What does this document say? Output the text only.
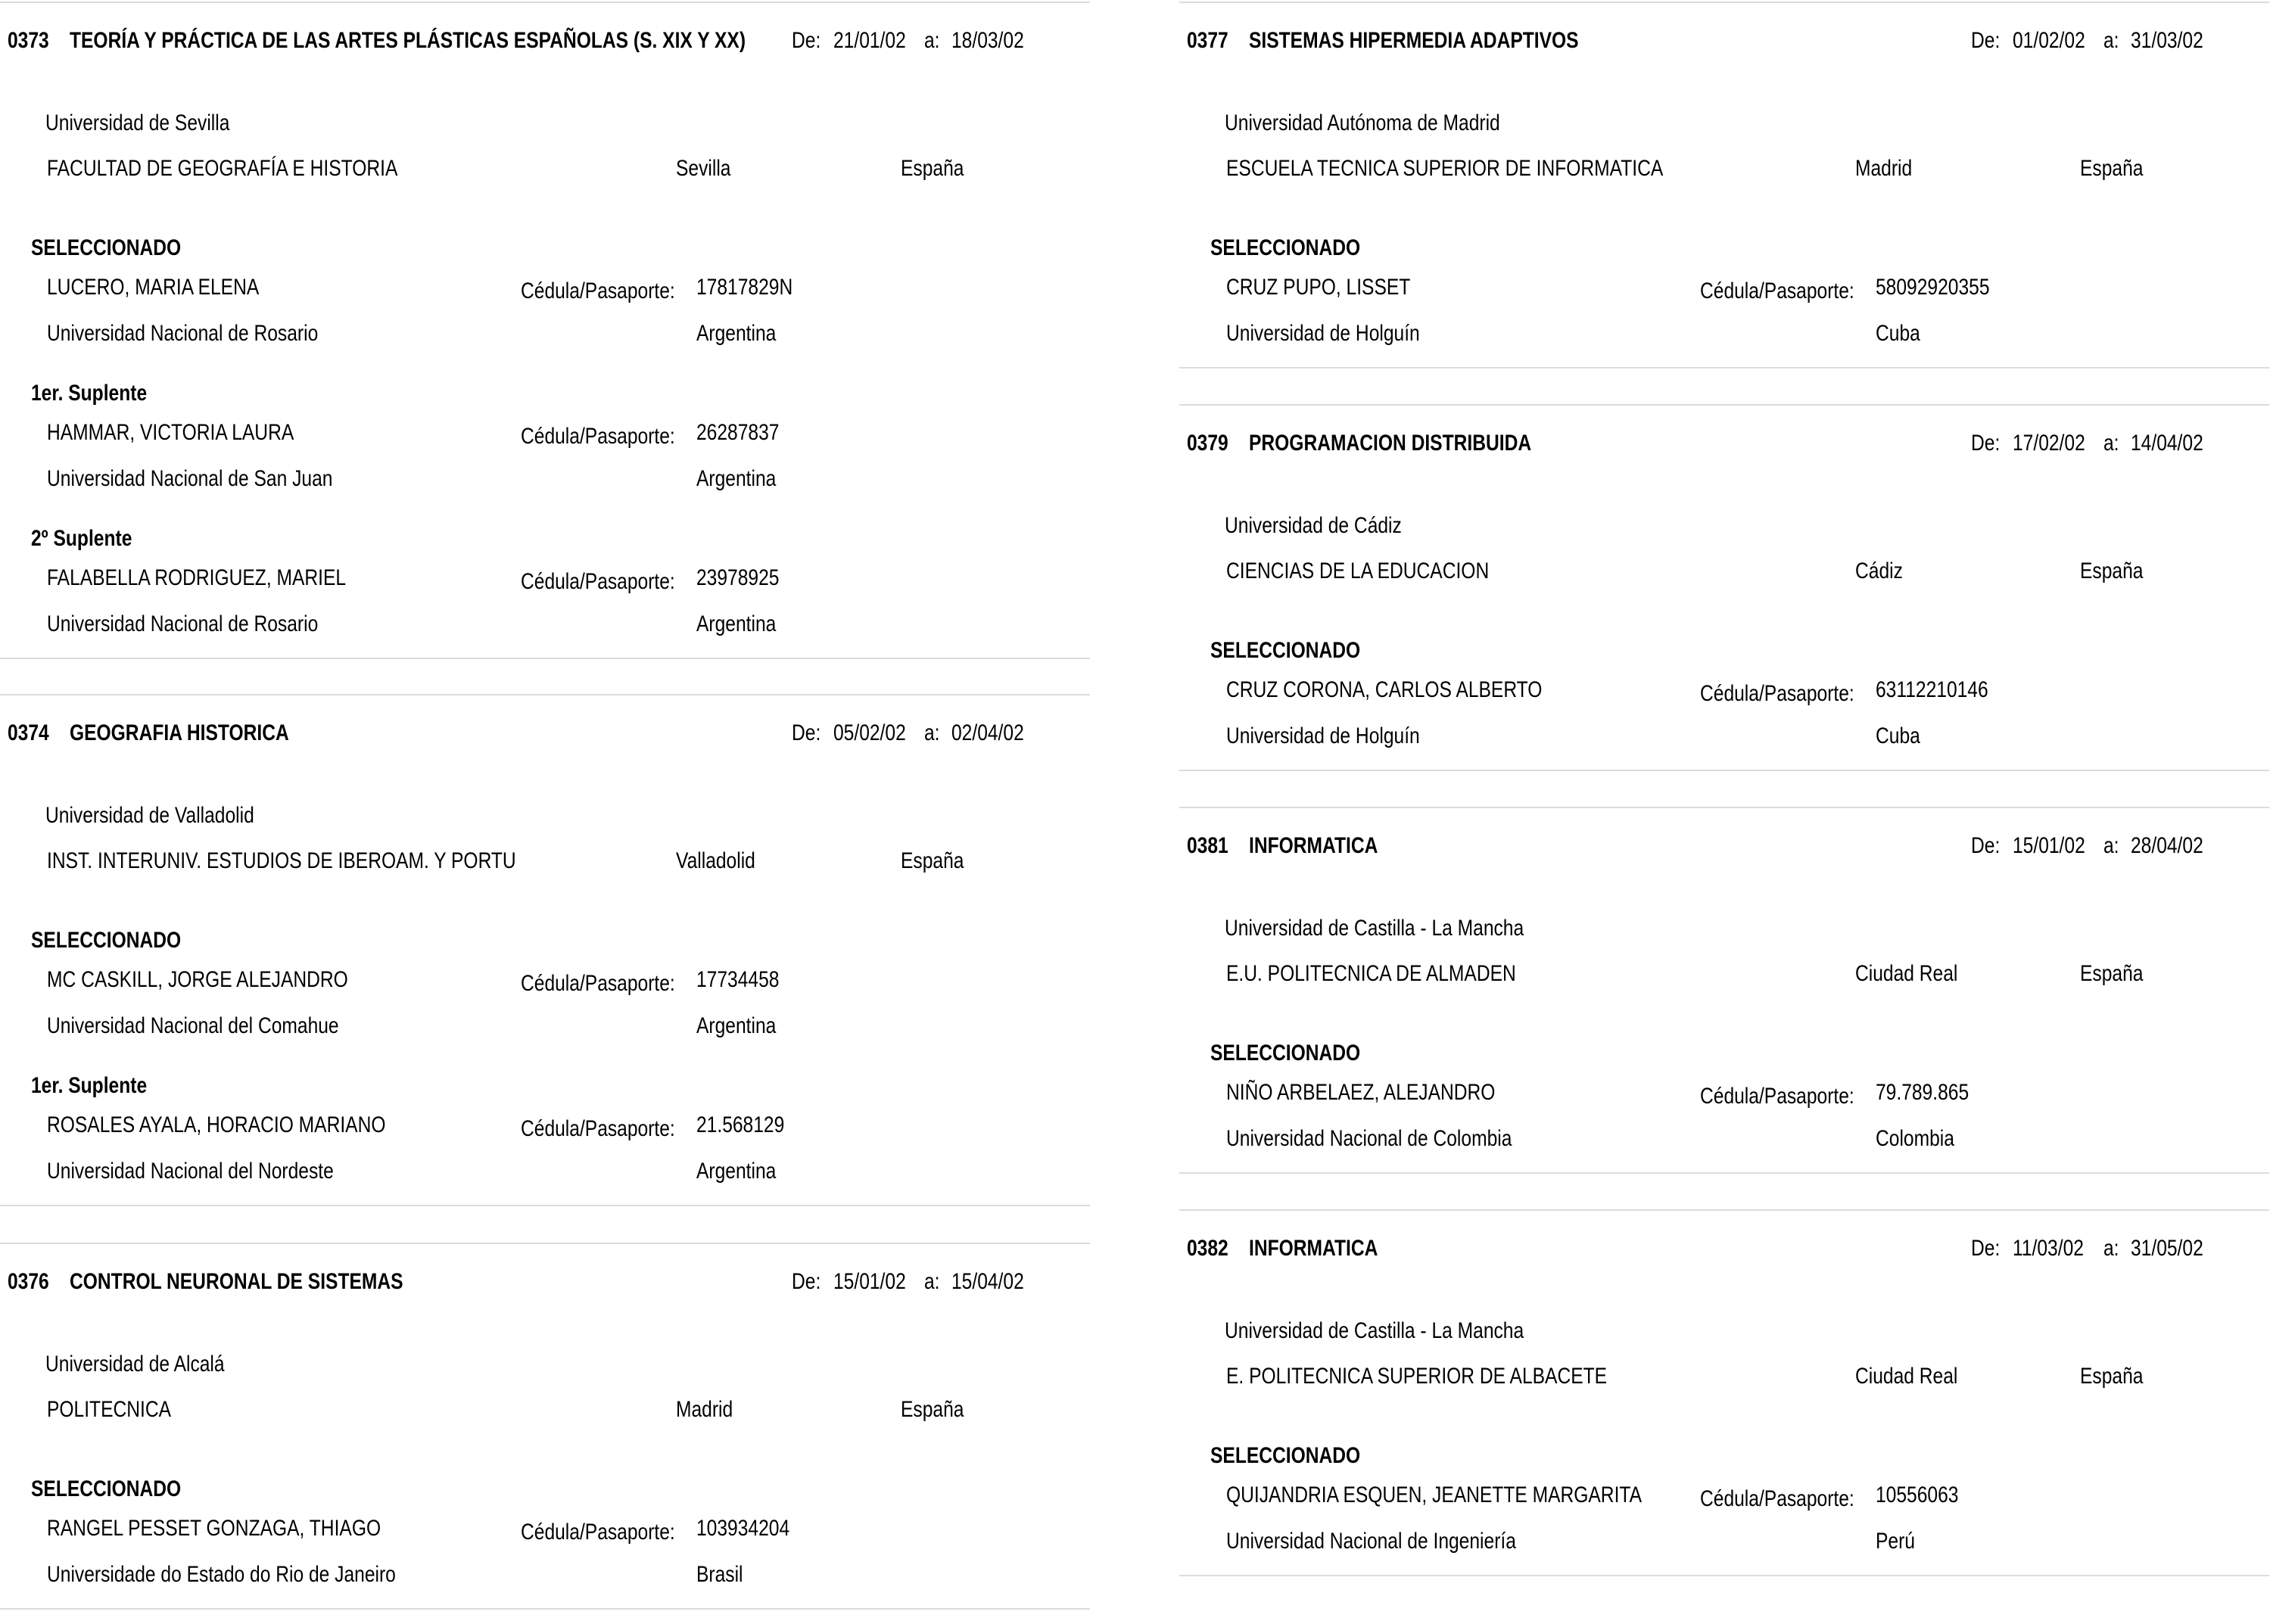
0373 TEORÍA Y PRÁCTICA DE LAS ARTES PLÁSTICAS ESPAÑOLAS (S. XIX Y XX) De: 21/01/02 a: 18/03/02
Universidad de Sevilla
FACULTAD DE GEOGRAFÍA E HISTORIA	Sevilla	España
SELECCIONADO
LUCERO, MARIA ELENA	Cédula/Pasaporte: 17817829N
Universidad Nacional de Rosario	Argentina
1er. Suplente
HAMMAR, VICTORIA LAURA	Cédula/Pasaporte: 26287837
Universidad Nacional de San Juan	Argentina
2º Suplente
FALABELLA RODRIGUEZ, MARIEL	Cédula/Pasaporte: 23978925
Universidad Nacional de Rosario	Argentina
0374 GEOGRAFIA HISTORICA	De: 05/02/02 a: 02/04/02
Universidad de Valladolid
INST. INTERUNIV. ESTUDIOS DE IBEROAM. Y PORTU	Valladolid	España
SELECCIONADO
MC CASKILL, JORGE ALEJANDRO	Cédula/Pasaporte: 17734458
Universidad Nacional del Comahue	Argentina
1er. Suplente
ROSALES AYALA, HORACIO MARIANO	Cédula/Pasaporte: 21.568129
Universidad Nacional del Nordeste	Argentina
0376 CONTROL NEURONAL DE SISTEMAS	De: 15/01/02 a: 15/04/02
Universidad de Alcalá
POLITECNICA	Madrid	España
SELECCIONADO
RANGEL PESSET GONZAGA, THIAGO	Cédula/Pasaporte: 103934204
Universidade do Estado do Rio de Janeiro	Brasil
0377 SISTEMAS HIPERMEDIA ADAPTIVOS	De: 01/02/02 a: 31/03/02
Universidad Autónoma de Madrid
ESCUELA TECNICA SUPERIOR DE INFORMATICA	Madrid	España
SELECCIONADO
CRUZ PUPO, LISSET	Cédula/Pasaporte: 58092920355
Universidad de Holguín	Cuba
0379 PROGRAMACION DISTRIBUIDA	De: 17/02/02 a: 14/04/02
Universidad de Cádiz
CIENCIAS DE LA EDUCACION	Cádiz	España
SELECCIONADO
CRUZ CORONA, CARLOS ALBERTO	Cédula/Pasaporte: 63112210146
Universidad de Holguín	Cuba
0381 INFORMATICA	De: 15/01/02 a: 28/04/02
Universidad de Castilla - La Mancha
E.U. POLITECNICA DE ALMADEN	Ciudad Real	España
SELECCIONADO
NIÑO ARBELAEZ, ALEJANDRO	Cédula/Pasaporte: 79.789.865
Universidad Nacional de Colombia	Colombia
0382 INFORMATICA	De: 11/03/02 a: 31/05/02
Universidad de Castilla - La Mancha
E. POLITECNICA SUPERIOR DE ALBACETE	Ciudad Real	España
SELECCIONADO
QUIJANDRIA ESQUEN, JEANETTE MARGARITA	Cédula/Pasaporte: 10556063
Universidad Nacional de Ingeniería	Perú
